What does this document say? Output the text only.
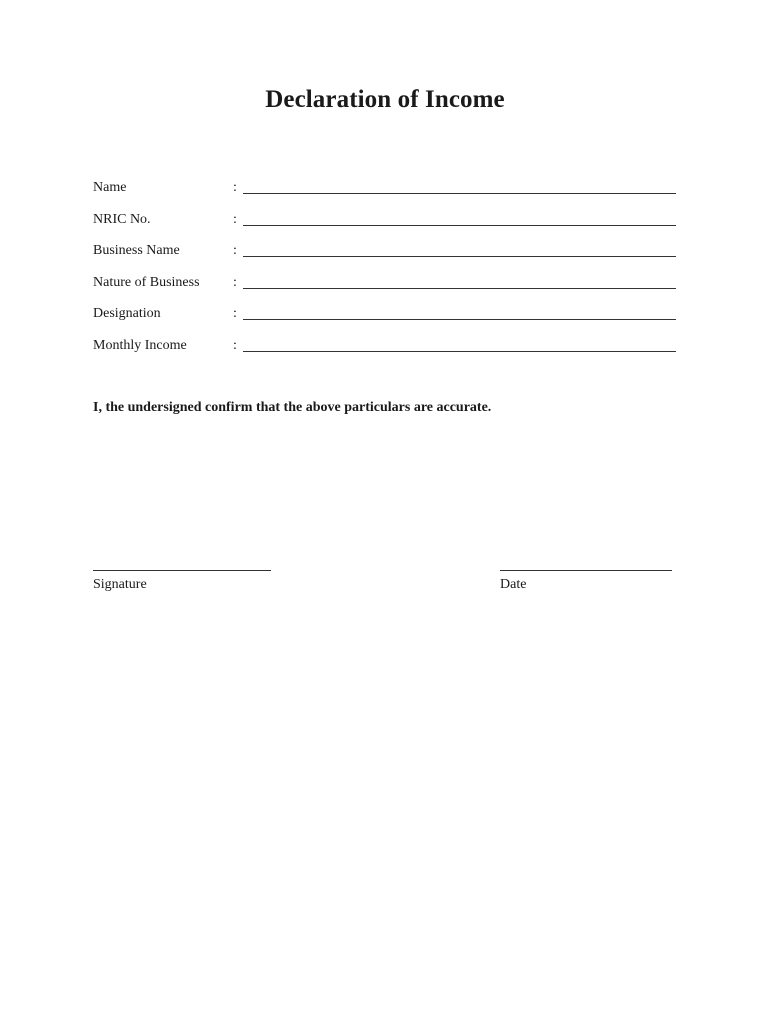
Declaration of Income
Name	:
NRIC No.	:
Business Name	:
Nature of Business :
Designation	:
Monthly Income	:
I, the undersigned confirm that the above particulars are accurate.
Signature	Date
